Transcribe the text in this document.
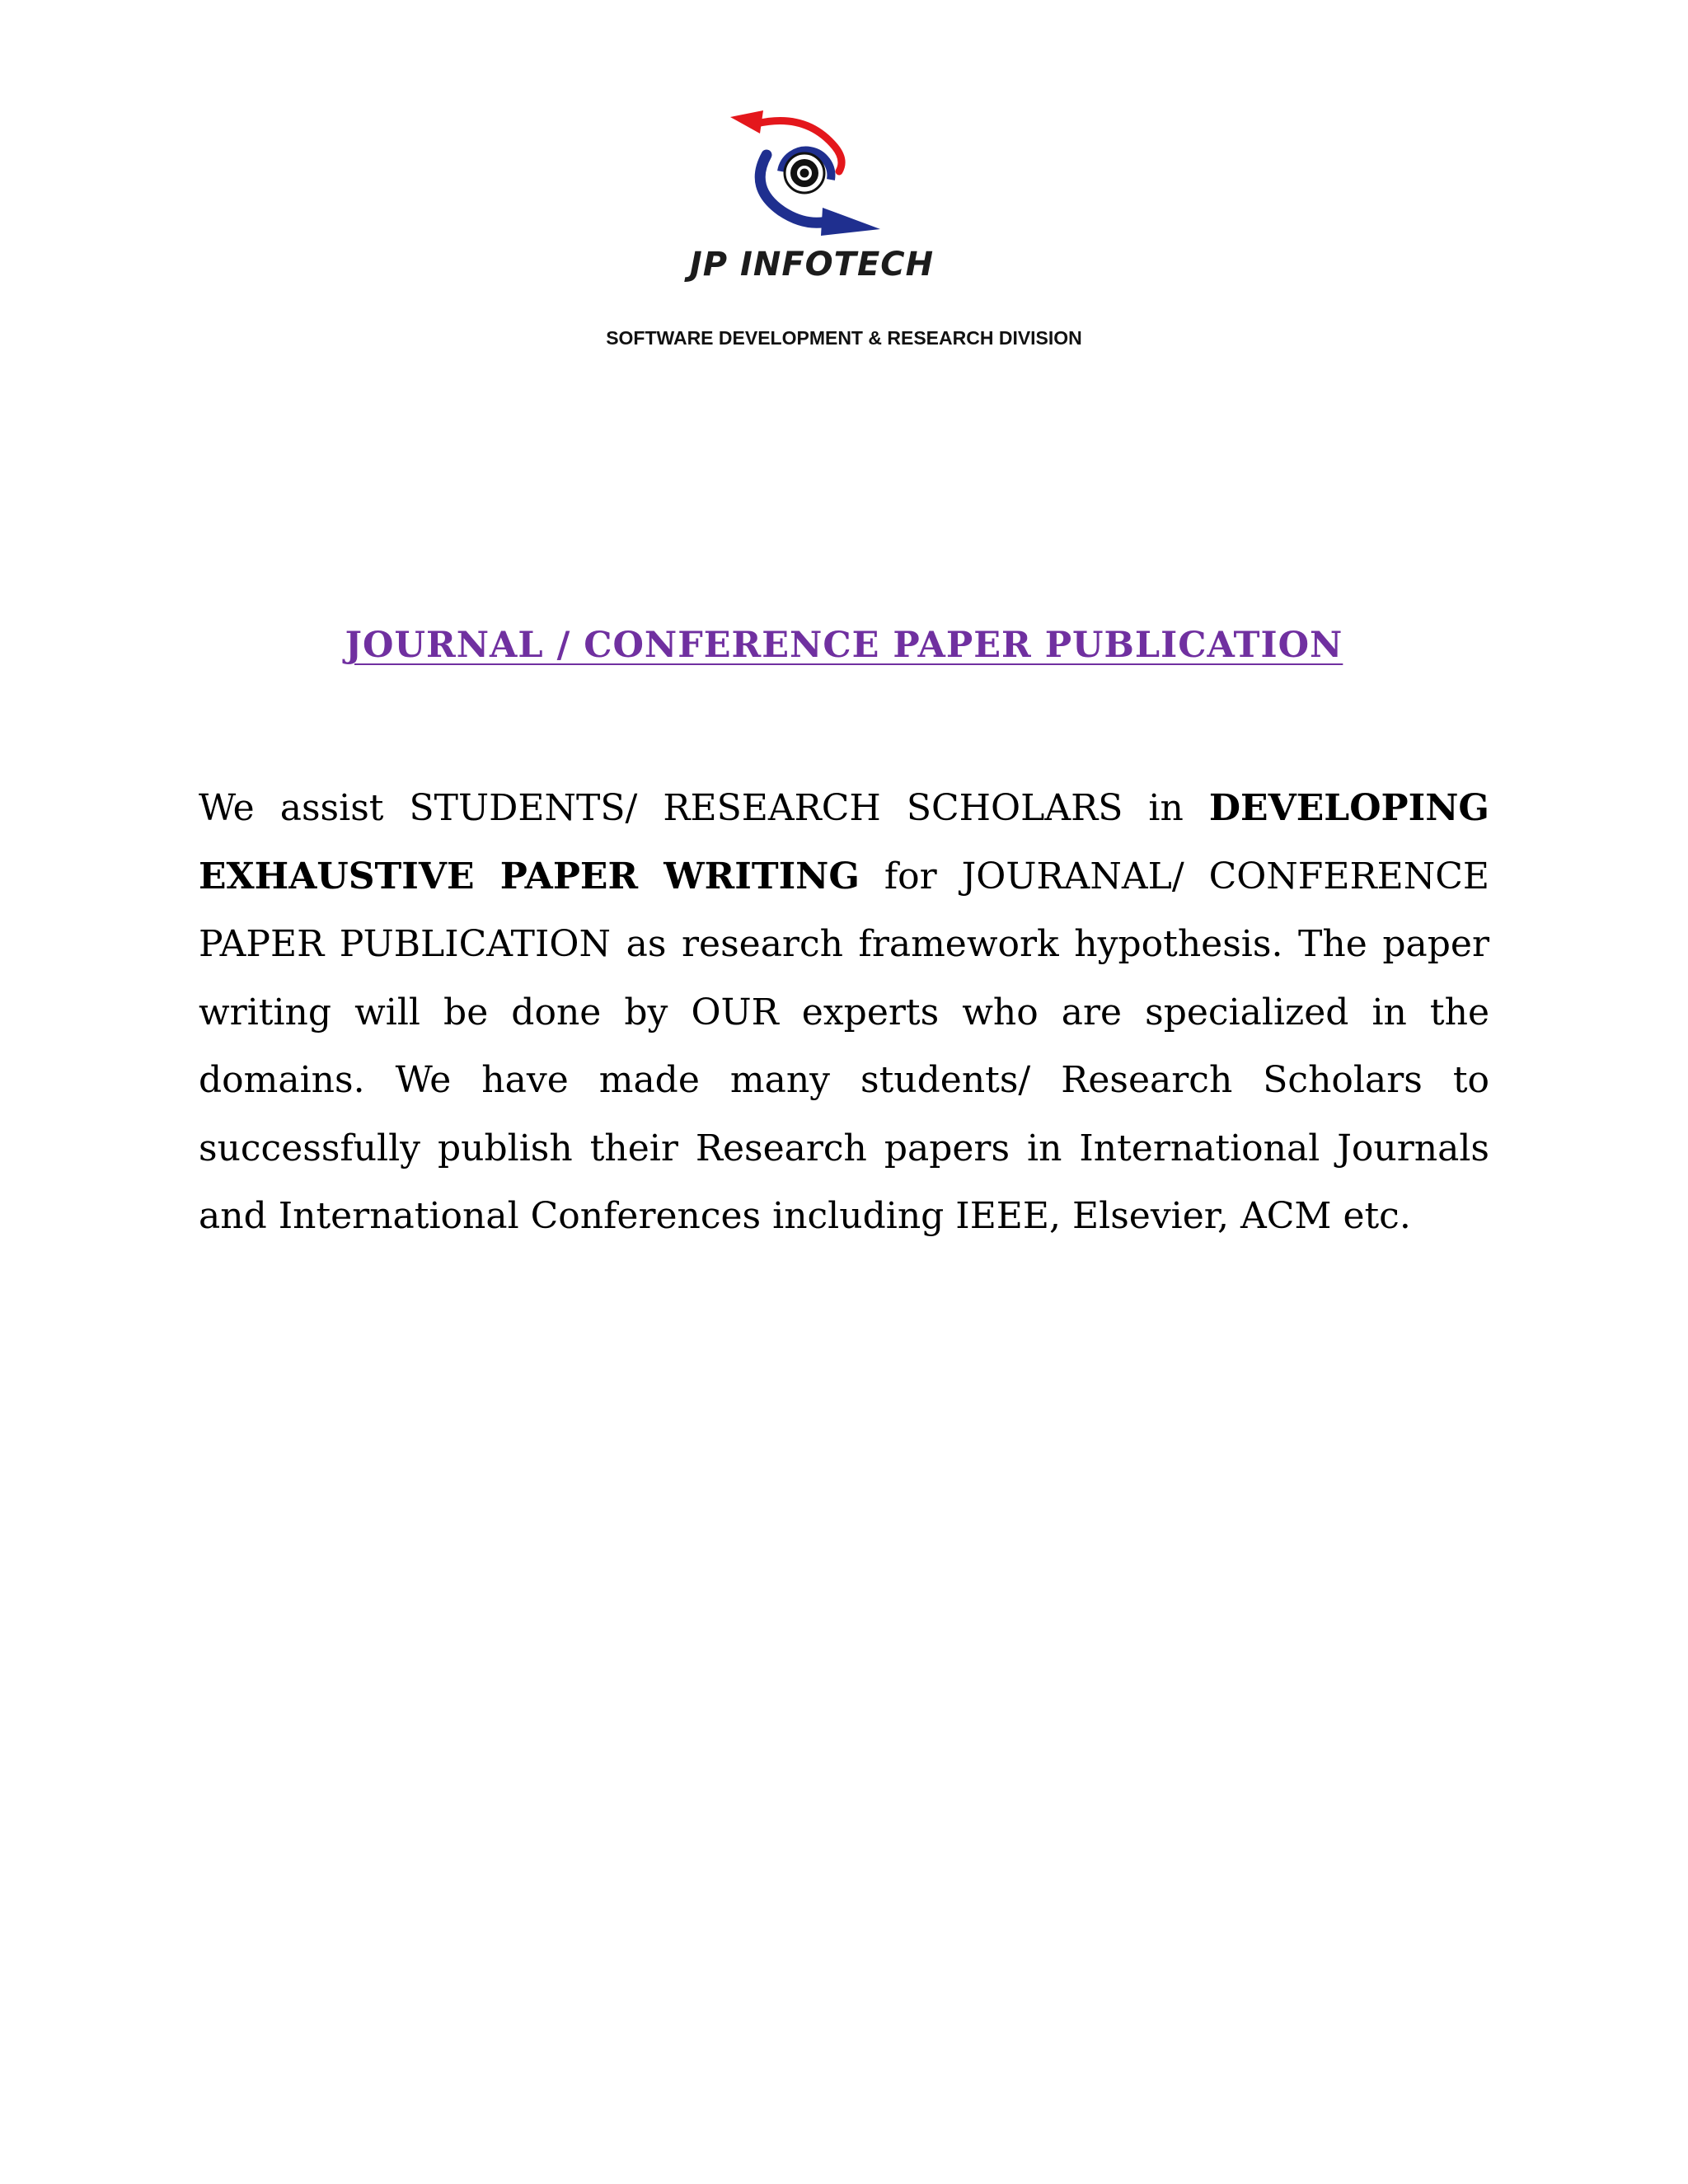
JP INFOTECH
SOFTWARE DEVELOPMENT & RESEARCH DIVISION
JOURNAL / CONFERENCE PAPER PUBLICATION
We assist STUDENTS/ RESEARCH SCHOLARS in DEVELOPING EXHAUSTIVE PAPER WRITING for JOURANAL/ CONFERENCE PAPER PUBLICATION as research framework hypothesis. The paper writing will be done by OUR experts who are specialized in the domains. We have made many students/ Research Scholars to successfully publish their Research papers in International Journals and International Conferences including IEEE, Elsevier, ACM etc.
